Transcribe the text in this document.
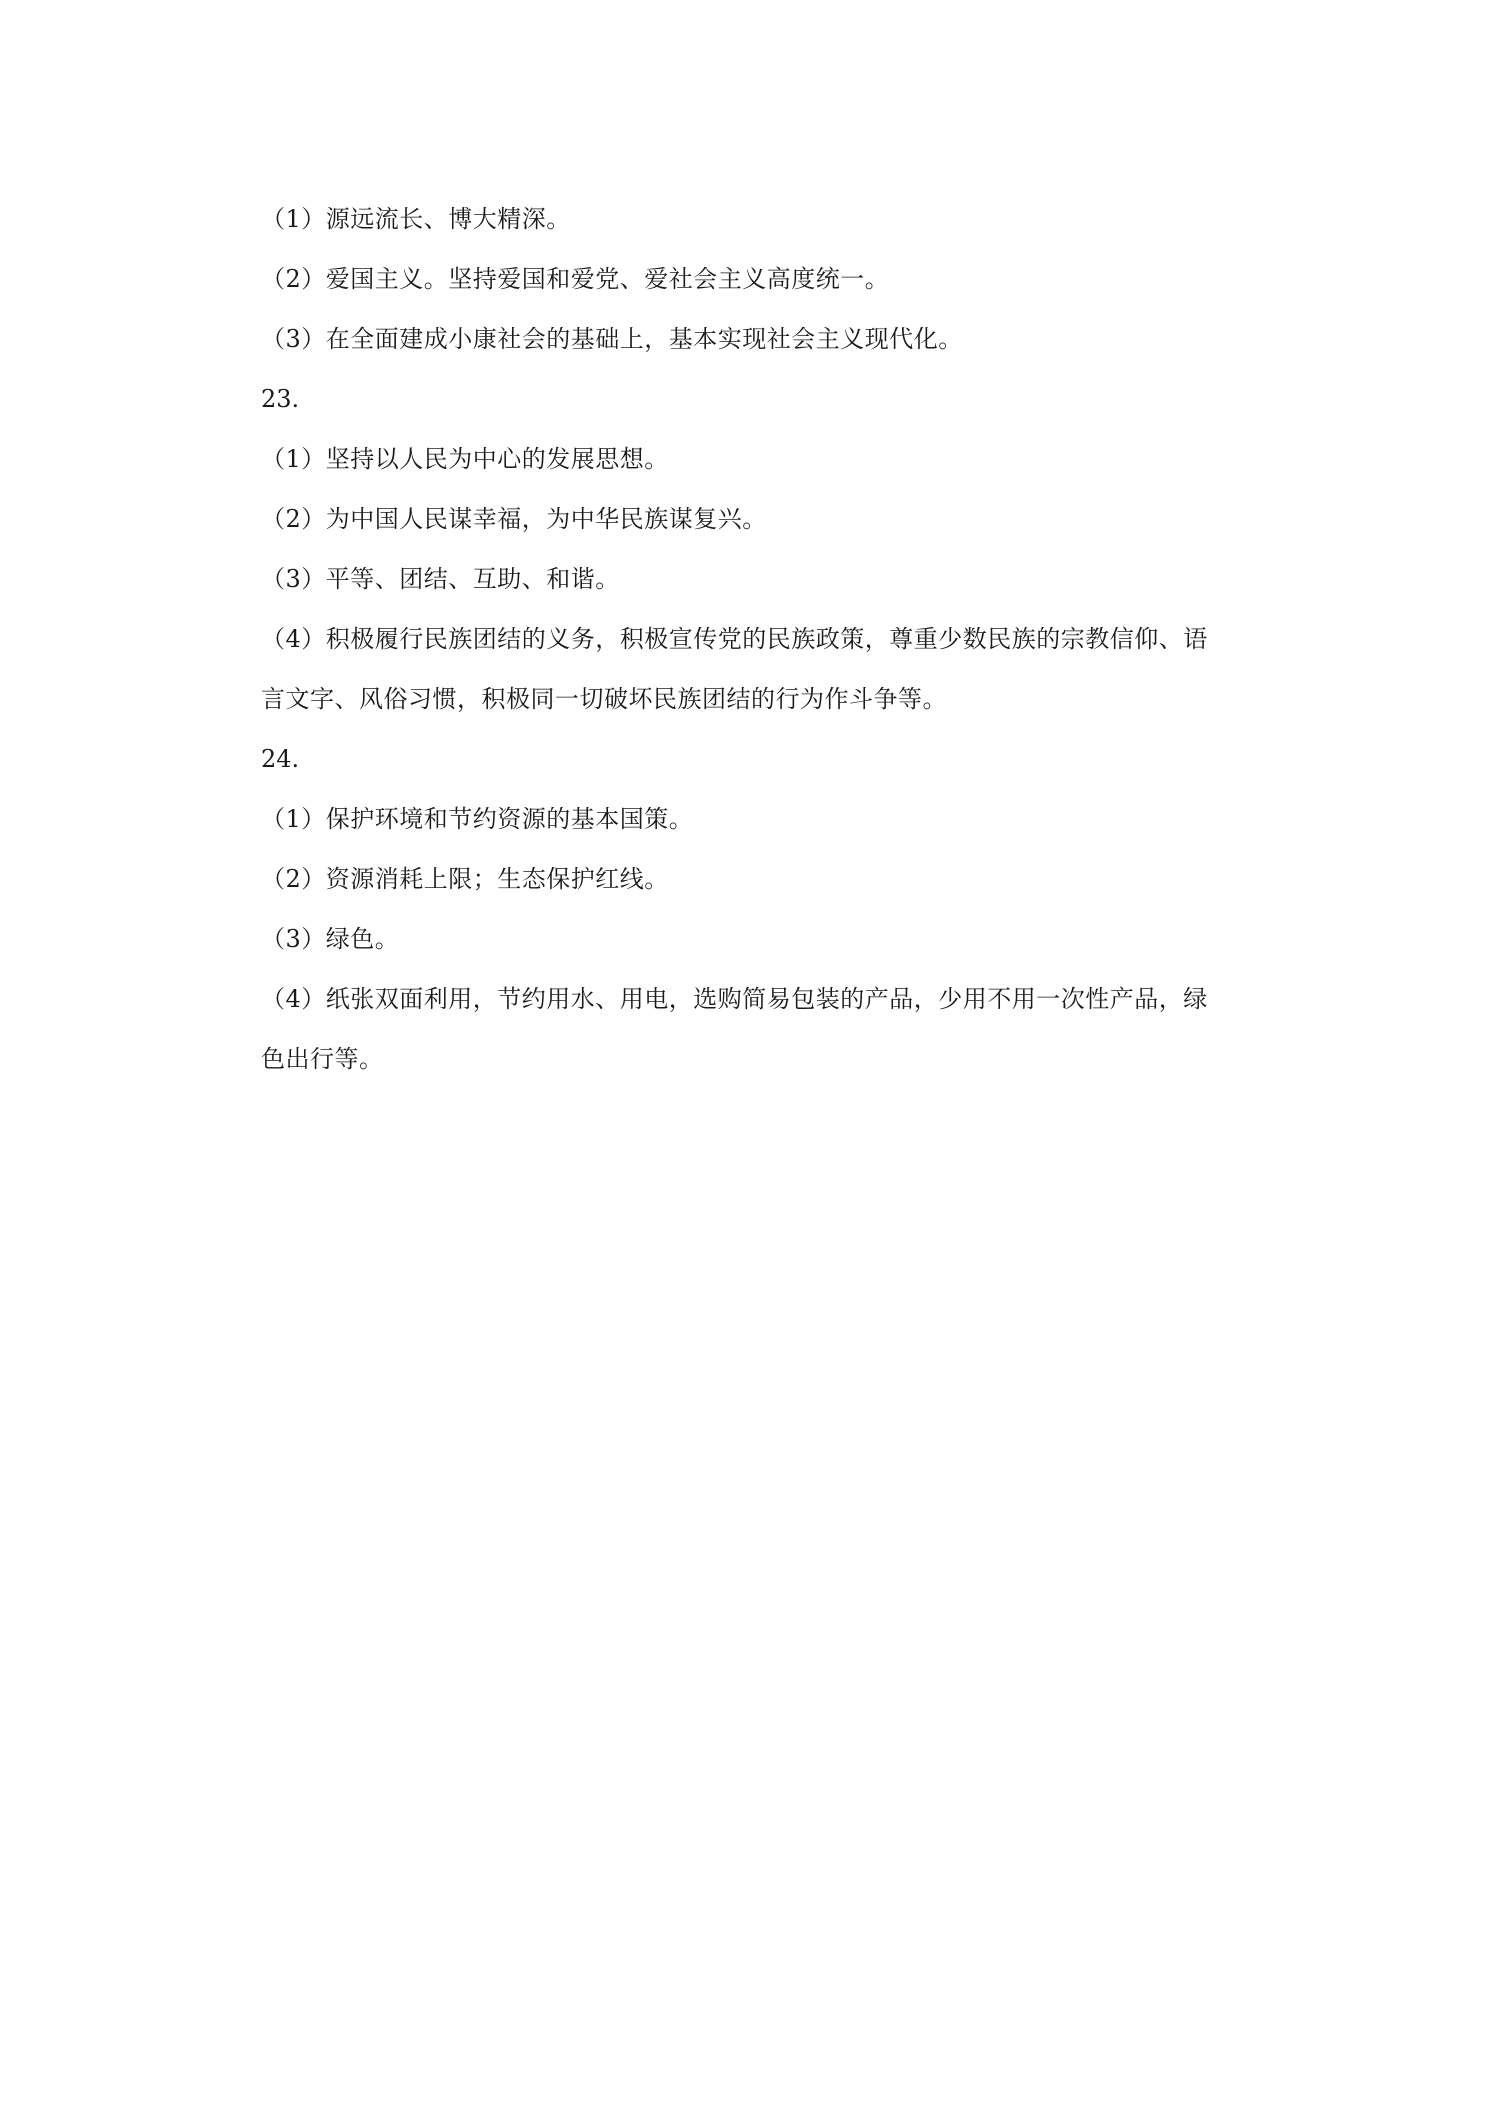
（1）源远流长、博大精深。

（2）爱国主义。坚持爱国和爱党、爱社会主义高度统一。

（3）在全面建成小康社会的基础上，基本实现社会主义现代化。

23.

（1）坚持以人民为中心的发展思想。

（2）为中国人民谋幸福，为中华民族谋复兴。

（3）平等、团结、互助、和谐。

（4）积极履行民族团结的义务，积极宣传党的民族政策，尊重少数民族的宗教信仰、语

言文字、风俗习惯，积极同一切破坏民族团结的行为作斗争等。

24.

（1）保护环境和节约资源的基本国策。

（2）资源消耗上限；生态保护红线。

（3）绿色。

（4）纸张双面利用，节约用水、用电，选购简易包装的产品，少用不用一次性产品，绿

色出行等。
